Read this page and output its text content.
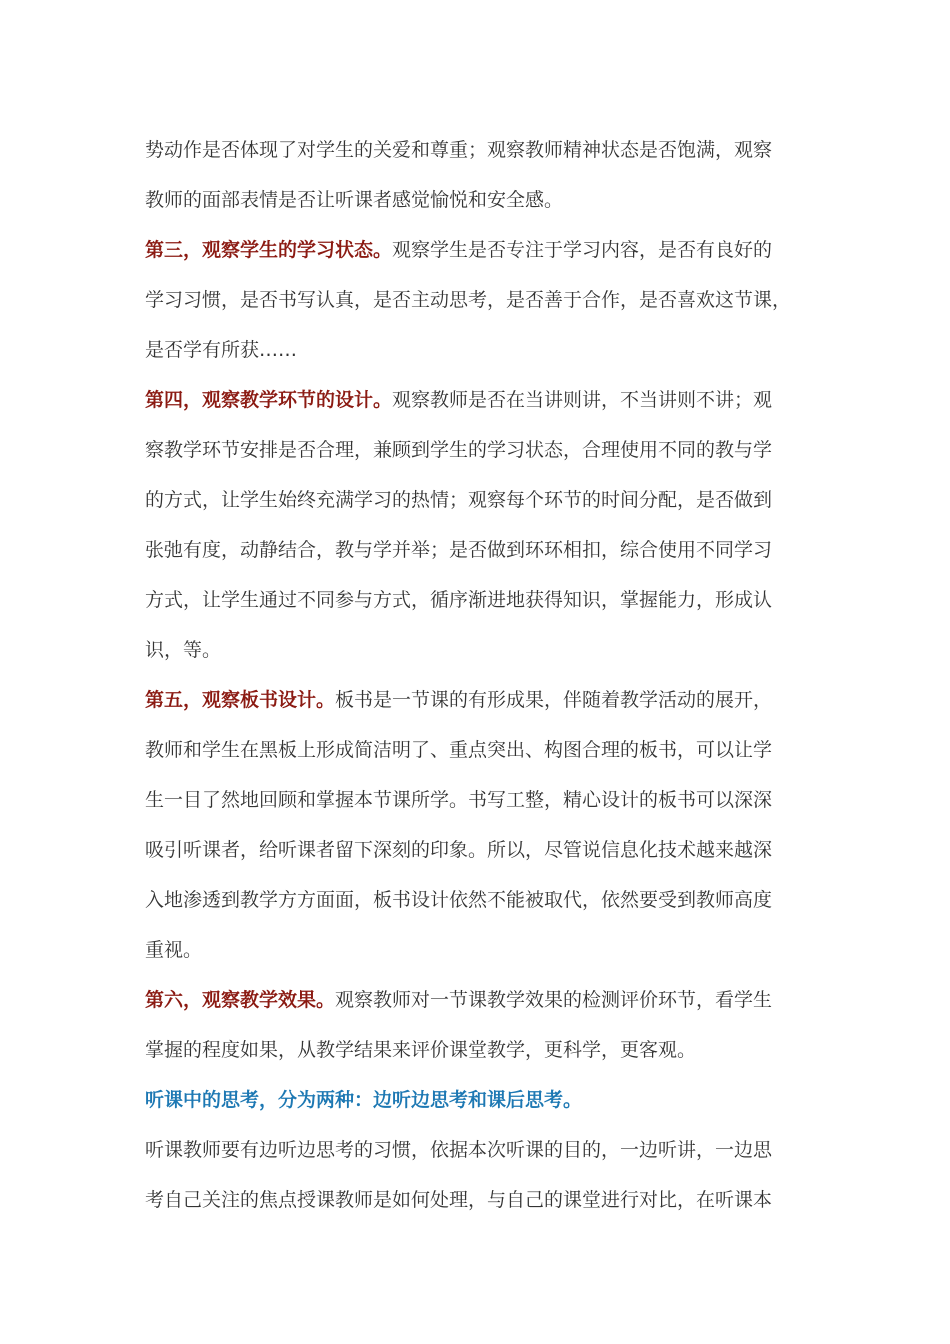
势动作是否体现了对学生的关爱和尊重；观察教师精神状态是否饱满，观察
教师的面部表情是否让听课者感觉愉悦和安全感。
第三，观察学生的学习状态。观察学生是否专注于学习内容，是否有良好的
学习习惯，是否书写认真，是否主动思考，是否善于合作，是否喜欢这节课，
是否学有所获……
第四，观察教学环节的设计。观察教师是否在当讲则讲，不当讲则不讲；观
察教学环节安排是否合理，兼顾到学生的学习状态，合理使用不同的教与学
的方式，让学生始终充满学习的热情；观察每个环节的时间分配，是否做到
张弛有度，动静结合，教与学并举；是否做到环环相扣，综合使用不同学习
方式，让学生通过不同参与方式，循序渐进地获得知识，掌握能力，形成认
识，等。
第五，观察板书设计。板书是一节课的有形成果，伴随着教学活动的展开，
教师和学生在黑板上形成简洁明了、重点突出、构图合理的板书，可以让学
生一目了然地回顾和掌握本节课所学。书写工整，精心设计的板书可以深深
吸引听课者，给听课者留下深刻的印象。所以，尽管说信息化技术越来越深
入地渗透到教学方方面面，板书设计依然不能被取代，依然要受到教师高度
重视。
第六，观察教学效果。观察教师对一节课教学效果的检测评价环节，看学生
掌握的程度如果，从教学结果来评价课堂教学，更科学，更客观。
听课中的思考，分为两种：边听边思考和课后思考。
听课教师要有边听边思考的习惯，依据本次听课的目的，一边听讲，一边思
考自己关注的焦点授课教师是如何处理，与自己的课堂进行对比，在听课本
